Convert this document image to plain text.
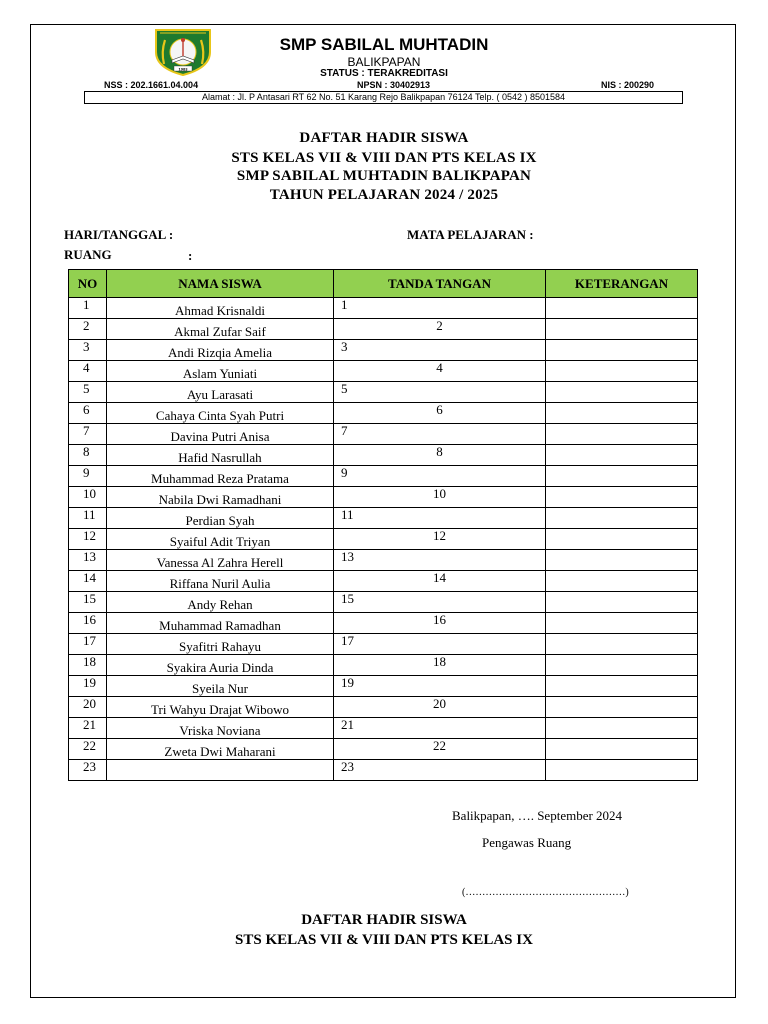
1983
SMP SABILAL MUHTADIN
BALIKPAPAN
STATUS : TERAKREDITASI
NSS : 202.1661.04.004	NPSN : 30402913	NIS : 200290
Alamat : Jl. P Antasari RT 62 No. 51 Karang Rejo Balikpapan 76124 Telp. ( 0542 ) 8501584
DAFTAR HADIR SISWA
STS KELAS VII & VIII DAN PTS KELAS IX
SMP SABILAL MUHTADIN BALIKPAPAN
TAHUN PELAJARAN 2024 / 2025
HARI/TANGGAL :	MATA PELAJARAN :
RUANG	:
NO	NAMA SISWA	TANDA TANGAN	KETERANGAN
1	Ahmad Krisnaldi	1	
2	Akmal Zufar Saif	2	
3	Andi Rizqia Amelia	3	
4	Aslam Yuniati	4	
5	Ayu Larasati	5	
6	Cahaya Cinta Syah Putri	6	
7	Davina Putri Anisa	7	
8	Hafid Nasrullah	8	
9	Muhammad Reza Pratama	9	
10	Nabila Dwi Ramadhani	10	
11	Perdian Syah	11	
12	Syaiful Adit Triyan	12	
13	Vanessa Al Zahra Herell	13	
14	Riffana Nuril Aulia	14	
15	Andy Rehan	15	
16	Muhammad Ramadhan	16	
17	Syafitri Rahayu	17	
18	Syakira Auria Dinda	18	
19	Syeila Nur	19	
20	Tri Wahyu Drajat Wibowo	20	
21	Vriska Noviana	21	
22	Zweta Dwi Maharani	22	
23		23	
Balikpapan, …. September 2024
Pengawas Ruang
(…………………………………………)
DAFTAR HADIR SISWA
STS KELAS VII & VIII DAN PTS KELAS IX
